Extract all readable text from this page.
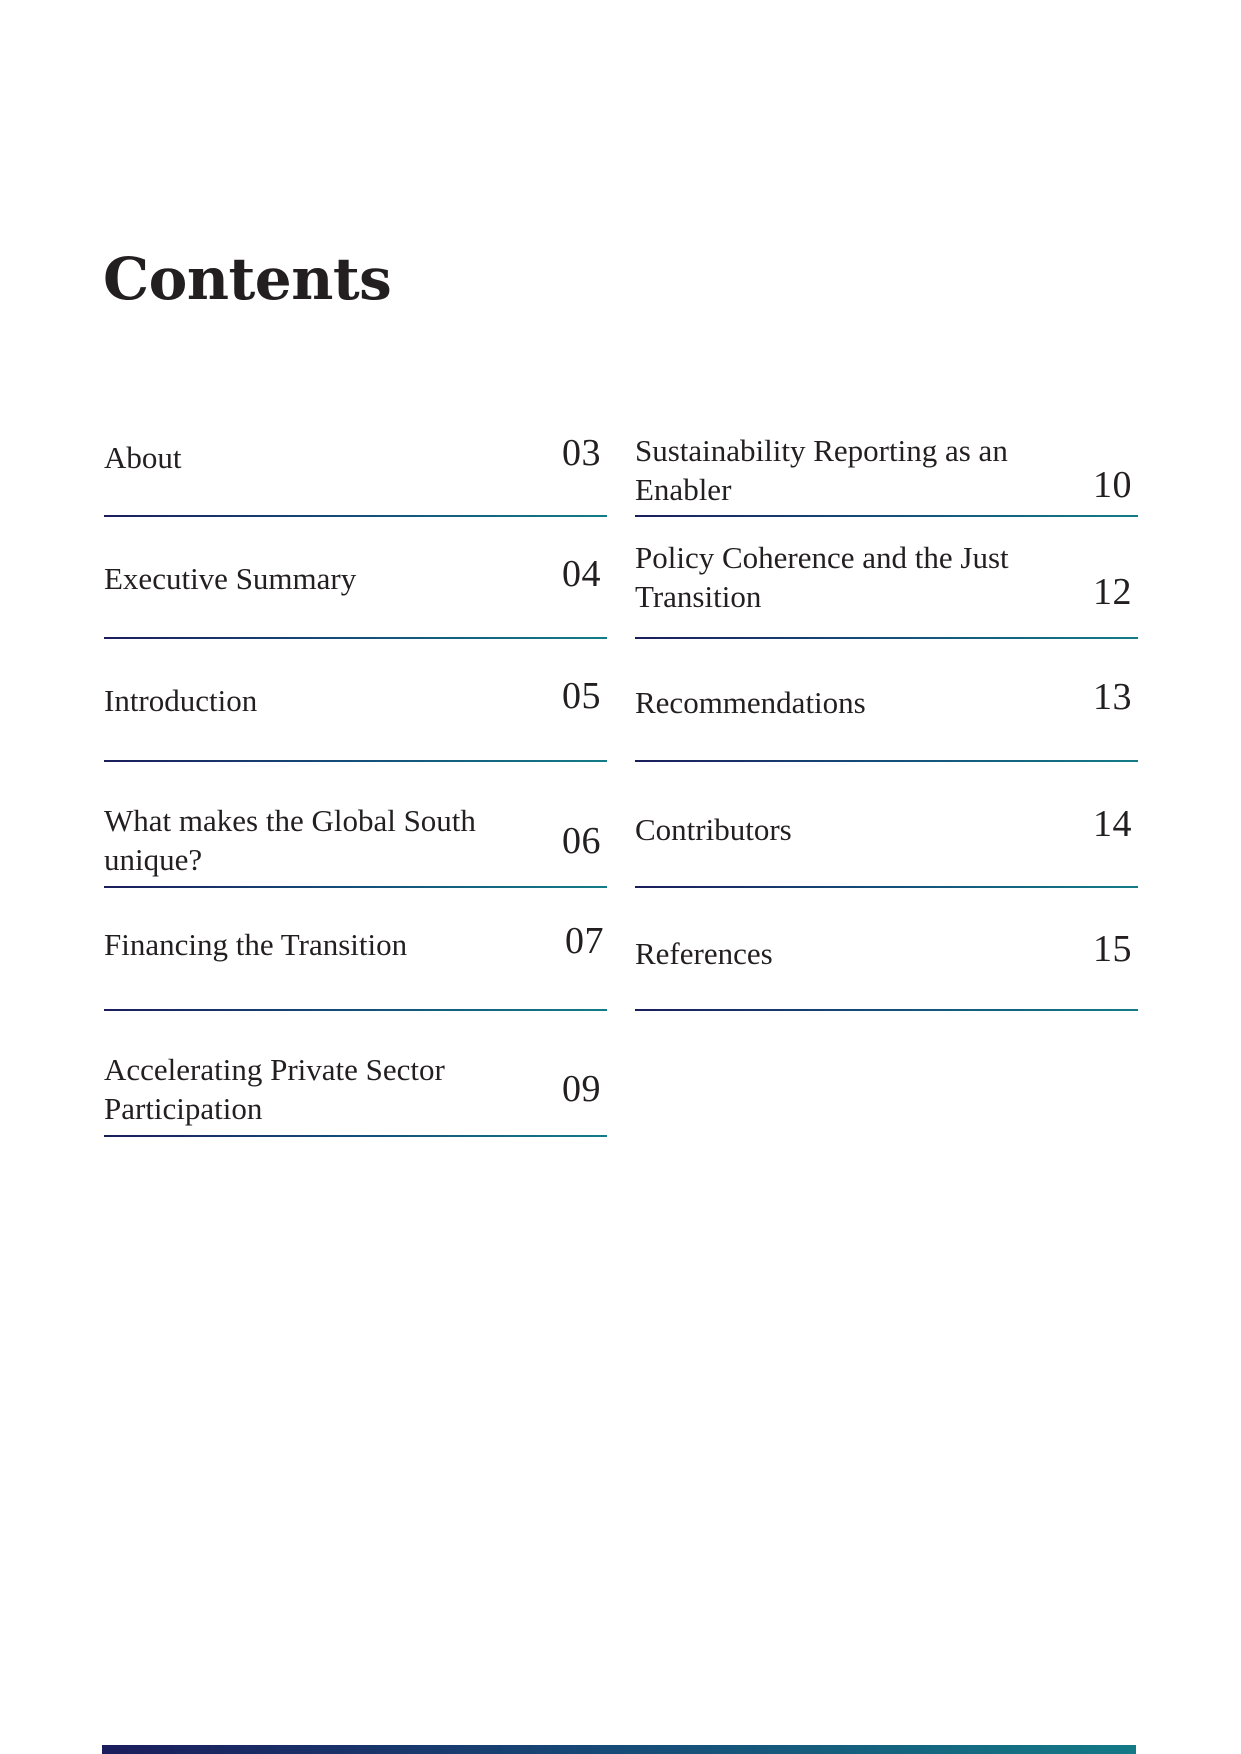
Contents
About	03
Executive Summary	04
Introduction	05
What makes the Global South
unique?	06
Financing the Transition	07
Accelerating Private Sector
Participation	09
Sustainability Reporting as an
Enabler	10
Policy Coherence and the Just
Transition	12
Recommendations	13
Contributors	14
References	15
